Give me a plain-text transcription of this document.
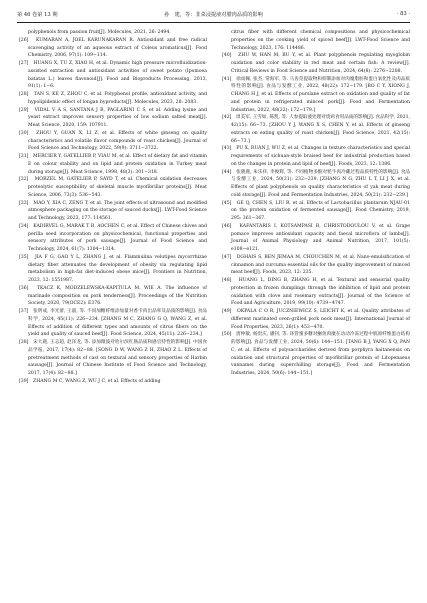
第 46 卷第 13 期	孙　建，等：韭菜浸提液对腊肉品质的影响	· 83 ·

polyphenols from passion fruit[J]. Molecules, 2021, 26: 2494.

[26]　KUMARAN A, JOEL KARUNAKARAN R. Antioxidant and free radical scavenging activity of an aqueous extract of Coleus aromaticus[J]. Food Chemistry, 2006, 97(1): 109−114.

[27]　HUANG X, TU Z, XIAO H, et al. Dynamic high pressure microfluidization-assisted extraction and antioxidant activities of sweet potato (Ipomoea batatas L.) leaves flavonoid[J]. Food and Bioproducts Processing, 2013, 91(1): 1−6.

[28]　TAN S, KE Z, ZHOU C, et al. Polyphenol profile, antioxidant activity, and hypolipidemic effect of longan byproducts[J]. Molecules, 2023, 28: 2083.

[29]　VIDAL V A S, SANTANA J B, PAGLARINI C S, et al. Adding lysine and yeast extract improves sensory properties of low sodium salted meat[J]. Meat Science, 2020, 159: 107911.

[30]　ZHOU Y, GUAN X, LI Z, et al. Effects of white ginseng on quality characteristics and volatile flavor compounds of roast chicken[J]. Journal of Food Science and Technology, 2022, 59(9): 3711−3722.

[31]　MERCIER Y, GATELLIER P, VIAU M, et al. Effect of dietary fat and vitamin E on colour stability and on lipid and protein oxidation in Turkey meat during storage[J]. Meat Science, 1998, 48(3): 301−318.

[32]　MORZEL M, GATELIER P, SAYD T, et al. Chemical oxidation decreases proteolytic susceptibility of skeletal muscle myofibrillar proteins[J]. Meat Science, 2006, 73(3): 536−543.

[33]　MAO Y, XIA C, ZENG T, et al. The joint effects of ultrasound and modified atmosphere packaging on the storage of sauced ducks[J]. LWT-Food Science and Technology, 2023, 177: 114561.

[34]　KADIRVEL G, MARAK T B, AOCHEN C, et al. Effect of Chinese chives and perilla seed incorporation on physicochemical, functional properties and sensory attributes of pork sausage[J]. Journal of Food Science and Technology, 2024, 61(7): 1304−1314.

[35]　JIA F G, GAO Y L, ZHANG J, et al. Flammulina velutipes mycorrhizae dietary fiber attenuates the development of obesity via regulating lipid metabolism in high-fat diet-induced obese mice[J]. Frontiers in Nutrition, 2023, 12: 1551987.

[36]　TKACZ K, MODZELEWSKA-KAPITULA M, WIE A. The influence of marinade composition on pork tenderness[J]. Proceedings of the Nutrition Society, 2020, 79(OCE2): E376.

[37]　张明成, 李光蕾, 王淑, 等. 不同加糖纤维添加量对香卡肉出品率及品质的影响[J]. 食品科学, 2024, 45(11): 226−234. [ZHANG M C, ZHANG G Q, WANG Z, et al. Effects of addition of different types and amounts of citrus fibers on the yield and quality of sauced beef[J]. Food Science, 2024, 45(11): 226−234.]

[38]　宋大鹿, 王志超, 赵泽龙, 等. 添加微波对哈尔滨红肠品质和感官特性的影响[J]. 中国食品学报, 2017, 17(4): 82−88. [SONG D W, WANG Z H, ZHAO Z L. Effects of pretreatment methods of cast on textural and sensory properties of Harbin sausage[J]. Journal of Chinese Institute of Food Science and Technology, 2017, 17(4): 82−88.]

[39]　ZHANG M C, WANG Z, WU J C, et al. Effects of adding

citrus fiber with different chemical compositions and physicochemical properties on the cooking yield of spiced beef[J]. LWT-Food Science and Technology, 2023, 176: 114486.

[40]　ZHU W, HAN M, BU Y, et al. Plant polyphenols regulating myoglobin oxidation and color stability in red meat and certain fish: A review[J]. Critical Reviews in Food Science and Nutrition, 2024, 64(8): 2276−2288.

[41]　徐雨佩, 张杰, 常海军, 等. 马齿苋提取物和抑制添加对肉糜脂肪和蛋白氧化性及肉品质特性的影响[J]. 食品与发酵工业, 2022, 48(22): 172−179. [BO C Y, XIONG J, CHANG H J, et al. Effects of purslane extract on oxidation and quality of fat and protein in refrigerated minced pork[J]. Food and Fermentation Industries, 2022, 48(22): 172−179.]

[42]　周美军, 王雪如, 陈凯, 等. 人参提取液处理对烧鸡食用品质的影响[J]. 食品科学, 2021, 42(15): 66−73. [ZHOU Y J, WANG X S, CHEN Y, et al. Effects of ginseng extracts on eating quality of roast chicken[J]. Food Science, 2021, 42(15): 66−73.]

[43]　PU X, RUAN J, WU Z, et al. Changes in texture characteristics and special requirements of sichuan-style braised beef for industrial production based on the changes in protein and lipid of beef[J]. Foods, 2023, 12: 1386.

[44]　张晓鹿, 朱乐祥, 李俊辉, 等. 不同植物多酚对牦牛肉冷藏过程品质特性的影响[J]. 食品与发酵工业, 2024, 50(21): 232−239. [ZHANG N G, ZHU L T, LI J X, et al. Effects of plant polyphenols on quality characteristics of yak meat during cold storage[J]. Food and Fermentation Industries, 2024, 50(21): 232−239.]

[45]　GE Q, CHEN S, LIU R, et al. Effects of Lactobacillus plantarum NJAU-01 on the protein oxidation of fermented sausage[J]. Food Chemistry, 2019, 295: 361−367.

[46]　KAFANTARIS I, KOTSAMPASI B, CHRISTODOULOU V, et al. Grape pomace improves antioxidant capacity and faecal microflora of lambs[J]. Journal of Animal Physiology and Animal Nutrition, 2017, 101(5): e108−e121.

[47]　DGHAIS S, BEN JEMAA M, CHOUCHEN M, et al. Nano-emulsification of cinnamon and curcuma essential oils for the quality improvement of minced meat beef[J]. Foods, 2023, 12: 235.

[48]　HUANG L, DING B, ZHANG H, et al. Textural and sensorial quality protection in frozen dumplings through the inhibition of lipid and protein oxidation with clove and rosemary extracts[J]. Journal of the Science of Food and Agriculture, 2019, 99(10): 4739−4747.

[49]　OKPALA C O R, JUCZNIEWICZ S, LEICHT K, et al. Quality attributes of different marinated oven-grilled pork neck meat[J]. International Journal of Food Properties, 2023, 26(1): 453−470.

[50]　唐仲敏, 杨贵庆, 潘钊, 等. 环管蜜多糖对鮰鱼肉糜在动动冷冻过程中肌原纤维蛋白结构的影响[J]. 食品与发酵工业, 2024, 50(6): 144−151. [TANG B J, YANG X Q, PAN C, et al. Effects of polysaccharides derived from porphyra haitanensis on oxidation and structural properties of myofibrillar protein of Litopenaeus vannamei during superchilling storage[J]. Food and Fermentation Industries, 2024, 50(6): 144−151.]
